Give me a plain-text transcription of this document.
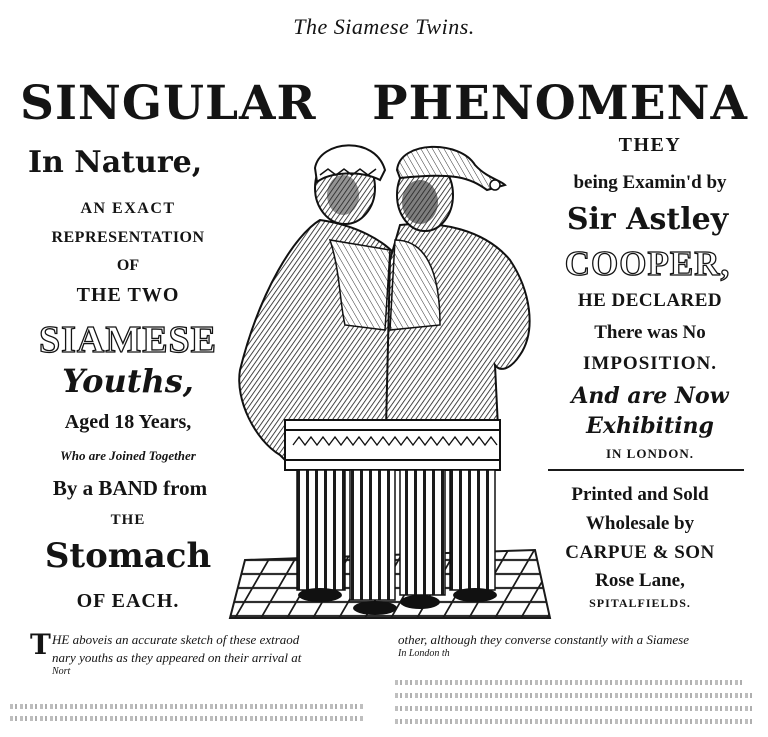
The Siamese Twins.
SINGULAR PHENOMENA
In Nature,
AN EXACT
REPRESENTATION
OF
THE TWO
SIAMESE
Youths,
Aged 18 Years,
Who are Joined Together
By a BAND from
THE
Stomach
OF EACH.
THEY
being Examin'd by
Sir Astley
COOPER,
HE DECLARED
There was No
IMPOSITION.
And are Now
Exhibiting
IN LONDON.
Printed and Sold
Wholesale by
CARPUE & SON
Rose Lane,
SPITALFIELDS.
T HE aboveis an accurate sketch of these extraod
nary youths as they appeared on their arrival at
Nort
other, although they converse constantly with a Siamese
In London th
